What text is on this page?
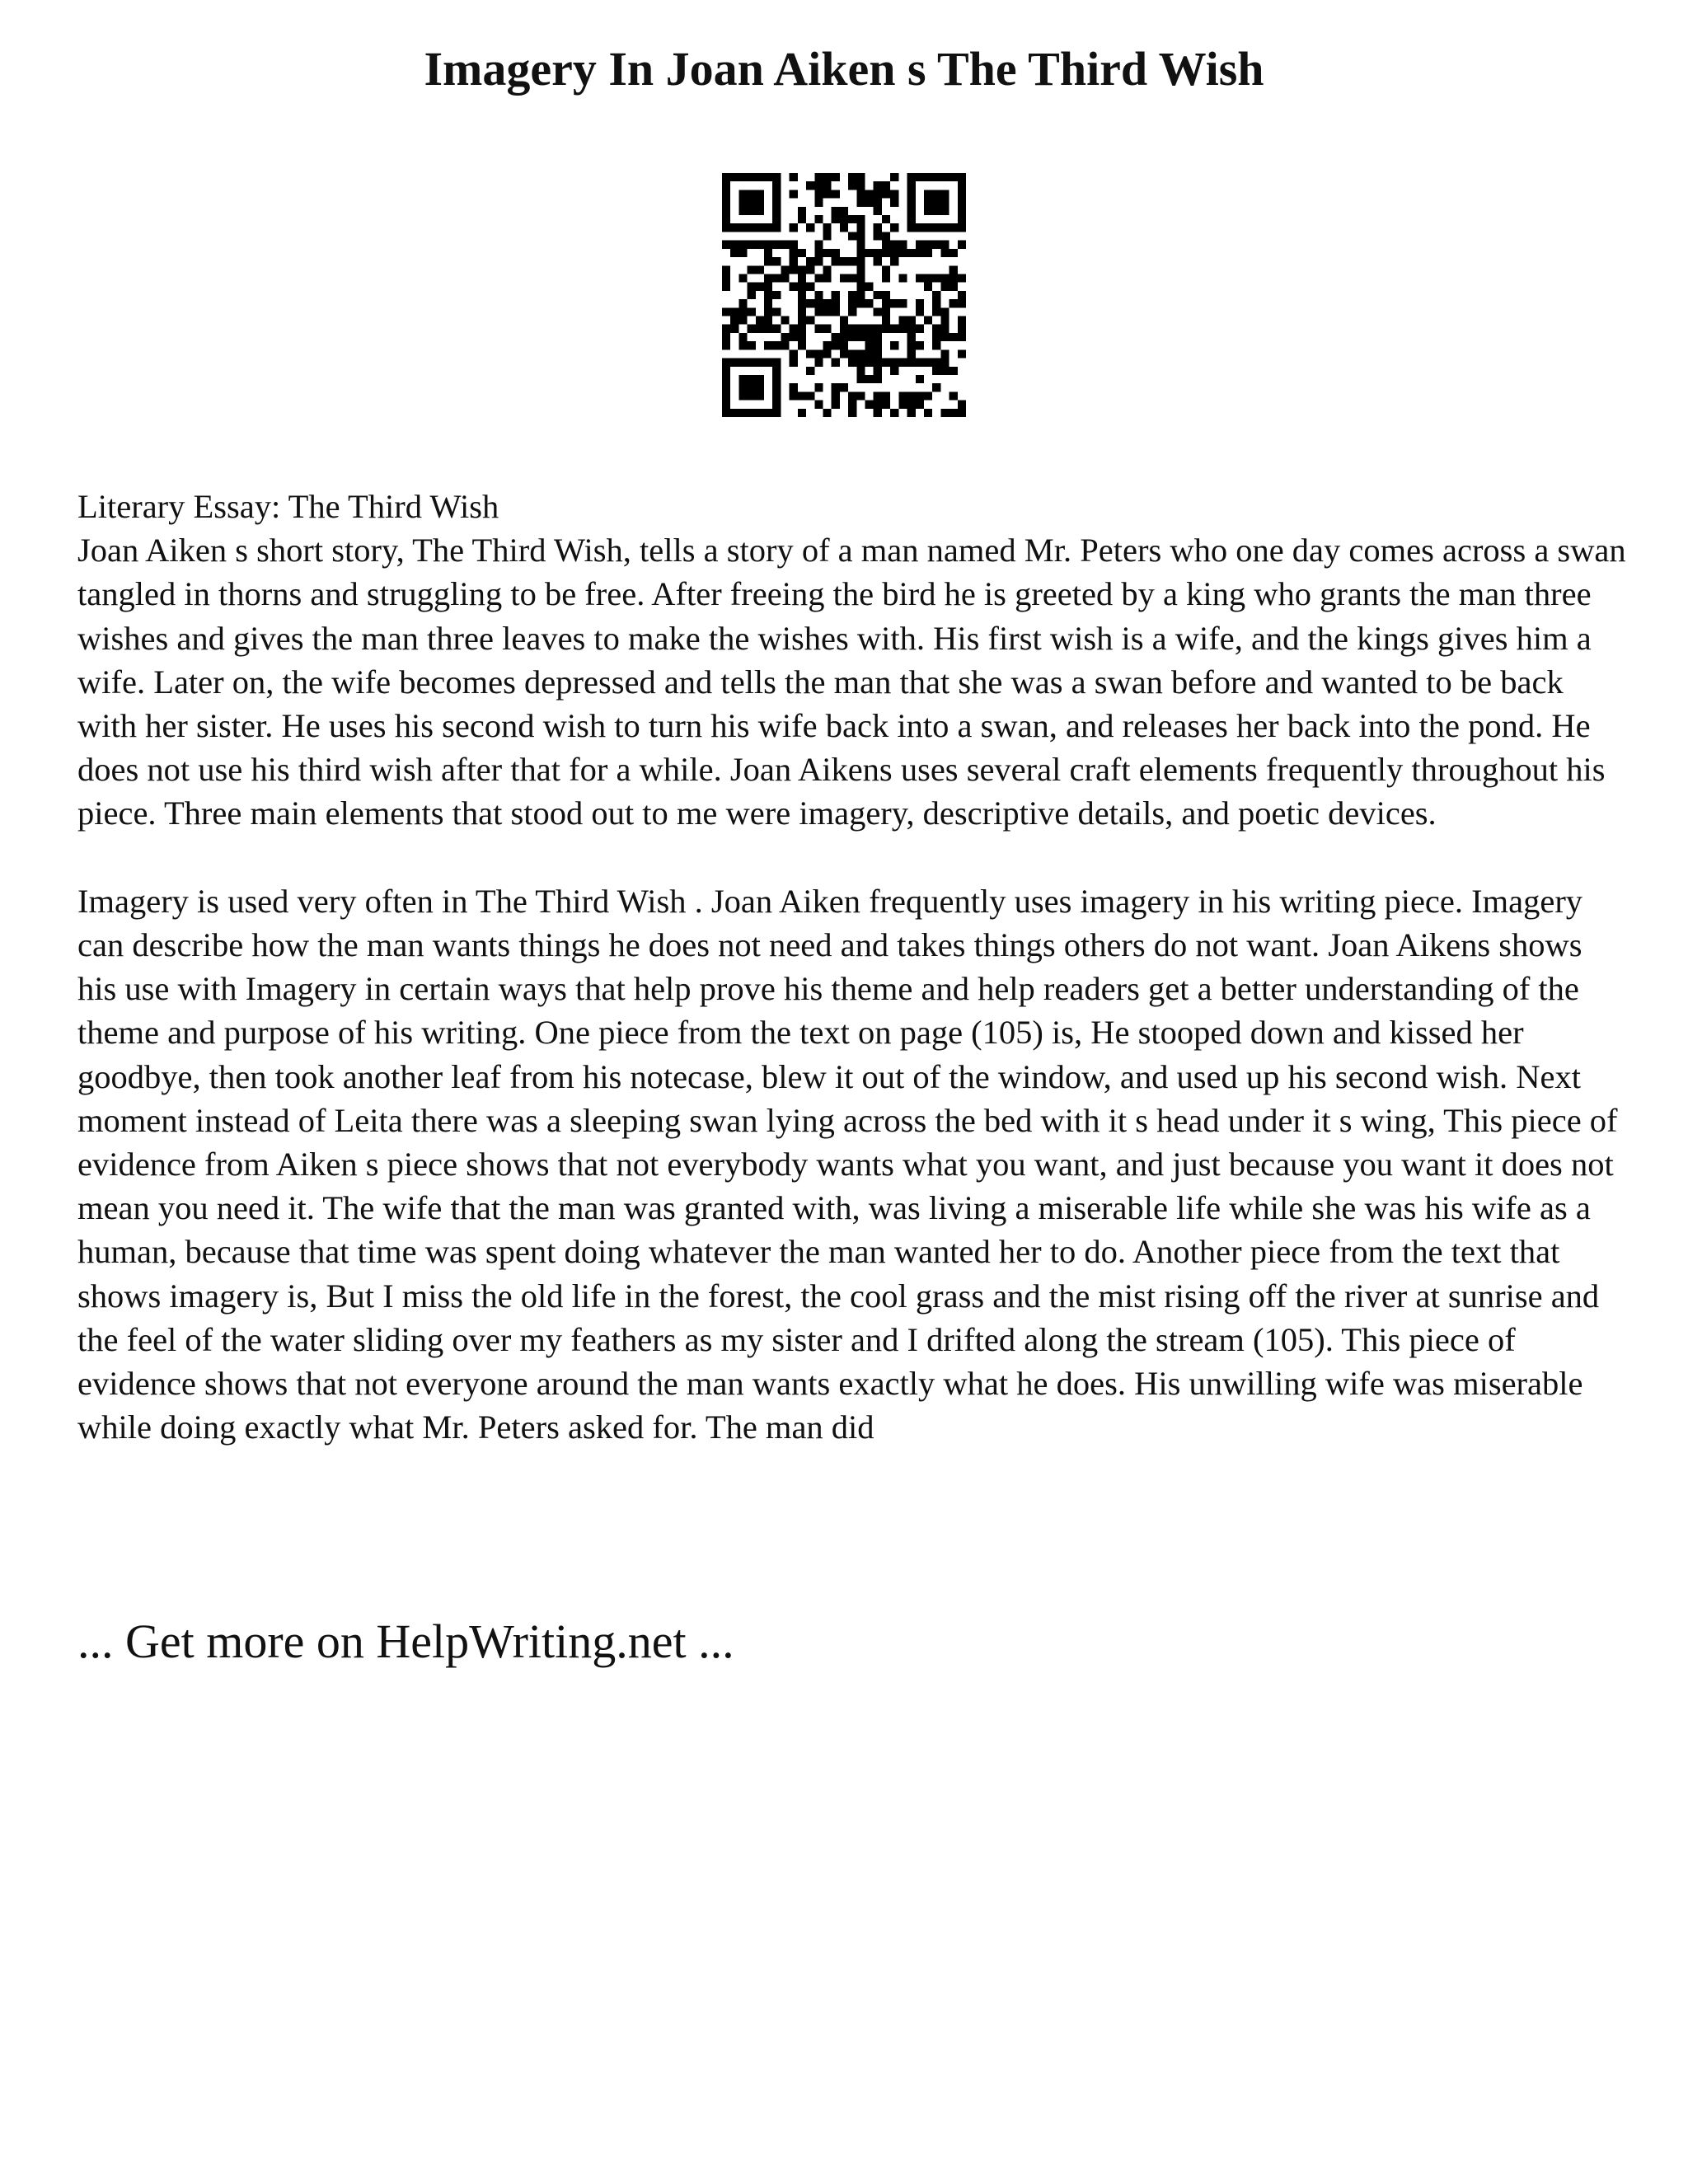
Imagery In Joan Aiken s The Third Wish

Literary Essay: The Third Wish

Joan Aiken s short story, The Third Wish, tells a story of a man named Mr. Peters who one day comes across a swan tangled in thorns and struggling to be free. After freeing the bird he is greeted by a king who grants the man three wishes and gives the man three leaves to make the wishes with. His first wish is a wife, and the kings gives him a wife. Later on, the wife becomes depressed and tells the man that she was a swan before and wanted to be back with her sister. He uses his second wish to turn his wife back into a swan, and releases her back into the pond. He does not use his third wish after that for a while. Joan Aikens uses several craft elements frequently throughout his piece. Three main elements that stood out to me were imagery, descriptive details, and poetic devices.

Imagery is used very often in The Third Wish . Joan Aiken frequently uses imagery in his writing piece. Imagery can describe how the man wants things he does not need and takes things others do not want. Joan Aikens shows his use with Imagery in certain ways that help prove his theme and help readers get a better understanding of the theme and purpose of his writing. One piece from the text on page (105) is, He stooped down and kissed her goodbye, then took another leaf from his notecase, blew it out of the window, and used up his second wish. Next moment instead of Leita there was a sleeping swan lying across the bed with it s head under it s wing, This piece of evidence from Aiken s piece shows that not everybody wants what you want, and just because you want it does not mean you need it. The wife that the man was granted with, was living a miserable life while she was his wife as a human, because that time was spent doing whatever the man wanted her to do. Another piece from the text that shows imagery is, But I miss the old life in the forest, the cool grass and the mist rising off the river at sunrise and the feel of the water sliding over my feathers as my sister and I drifted along the stream (105). This piece of evidence shows that not everyone around the man wants exactly what he does. His unwilling wife was miserable while doing exactly what Mr. Peters asked for. The man did

... Get more on HelpWriting.net ...
